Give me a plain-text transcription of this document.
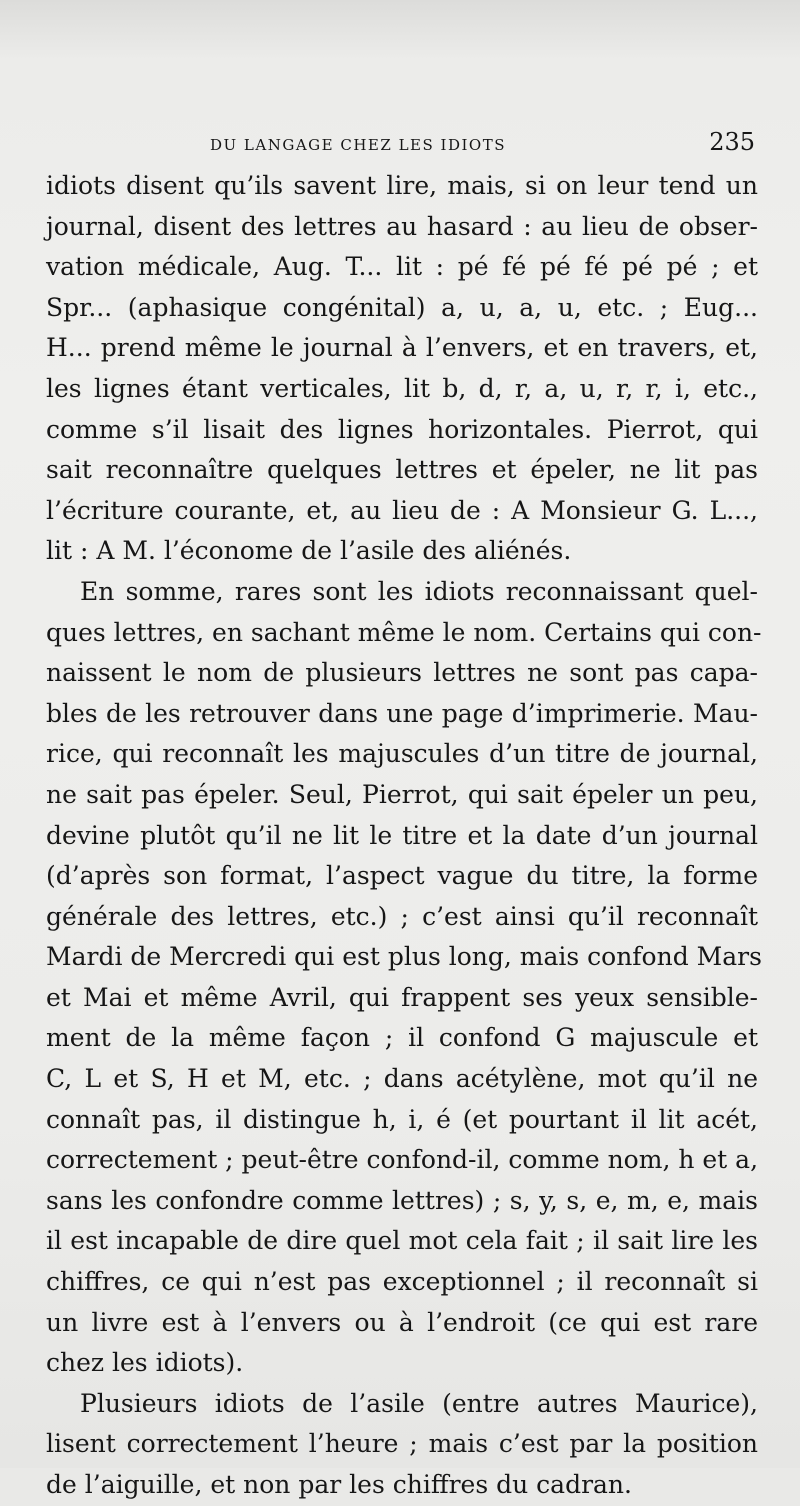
DU LANGAGE CHEZ LES IDIOTS	235
idiots disent qu’ils savent lire, mais, si on leur tend un
journal, disent des lettres au hasard : au lieu de obser-
vation médicale, Aug. T... lit : pé fé pé fé pé pé ; et
Spr... (aphasique congénital) a, u, a, u, etc. ; Eug...
H... prend même le journal à l’envers, et en travers, et,
les lignes étant verticales, lit b, d, r, a, u, r, r, i, etc.,
comme s’il lisait des lignes horizontales. Pierrot, qui
sait reconnaître quelques lettres et épeler, ne lit pas
l’écriture courante, et, au lieu de : A Monsieur G. L...,
lit : A M. l’économe de l’asile des aliénés.
En somme, rares sont les idiots reconnaissant quel-
ques lettres, en sachant même le nom. Certains qui con-
naissent le nom de plusieurs lettres ne sont pas capa-
bles de les retrouver dans une page d’imprimerie. Mau-
rice, qui reconnaît les majuscules d’un titre de journal,
ne sait pas épeler. Seul, Pierrot, qui sait épeler un peu,
devine plutôt qu’il ne lit le titre et la date d’un journal
(d’après son format, l’aspect vague du titre, la forme
générale des lettres, etc.) ; c’est ainsi qu’il reconnaît
Mardi de Mercredi qui est plus long, mais confond Mars
et Mai et même Avril, qui frappent ses yeux sensible-
ment de la même façon ; il confond G majuscule et
C, L et S, H et M, etc. ; dans acétylène, mot qu’il ne
connaît pas, il distingue h, i, é (et pourtant il lit acét,
correctement ; peut-être confond-il, comme nom, h et a,
sans les confondre comme lettres) ; s, y, s, e, m, e, mais
il est incapable de dire quel mot cela fait ; il sait lire les
chiffres, ce qui n’est pas exceptionnel ; il reconnaît si
un livre est à l’envers ou à l’endroit (ce qui est rare
chez les idiots).
Plusieurs idiots de l’asile (entre autres Maurice),
lisent correctement l’heure ; mais c’est par la position
de l’aiguille, et non par les chiffres du cadran.
